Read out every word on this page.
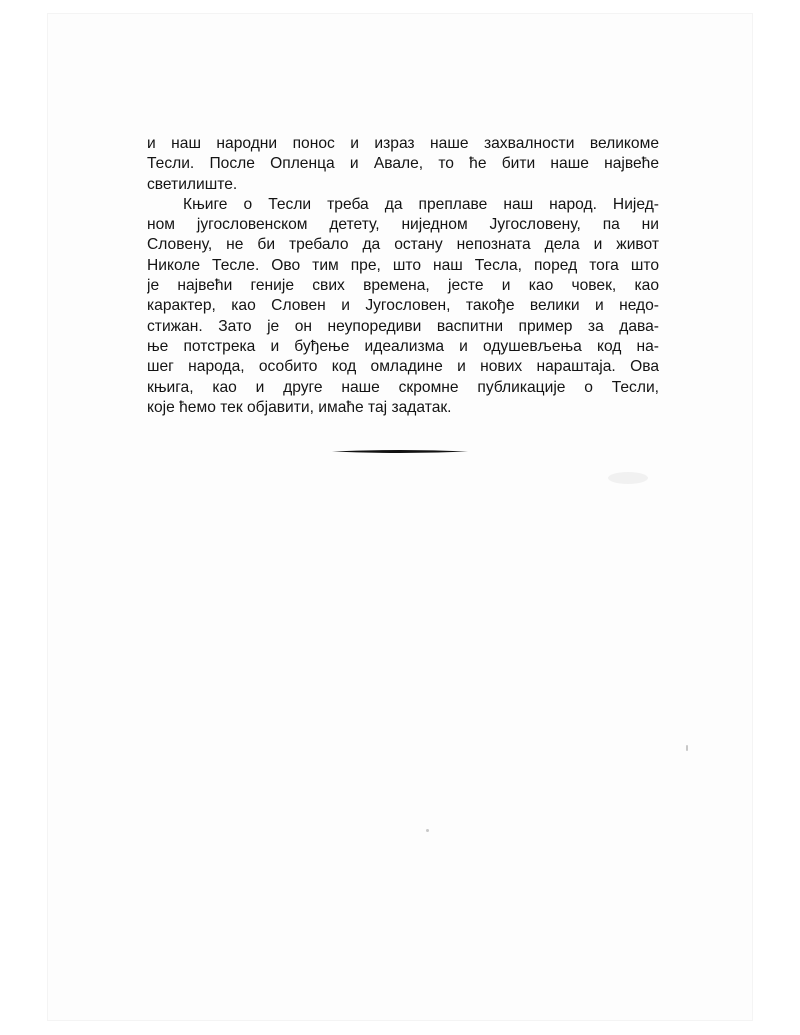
и наш народни понос и израз наше захвалности великоме
Тесли. После Опленца и Авале, то ће бити наше највеће
светилиште.
Књиге о Тесли треба да преплаве наш народ. Нијед-
ном југословенском детету, ниједном Југословену, па ни
Словену, не би требало да остану непозната дела и живот
Николе Тесле. Ово тим пре, што наш Тесла, поред тога што
је највећи геније свих времена, јесте и као човек, као
карактер, као Словен и Југословен, такође велики и недо-
стижан. Зато је он неупоредиви васпитни пример за дава-
ње потстрека и буђење идеализма и одушевљења код на-
шег народа, особито код омладине и нових нараштаја. Ова
књига, као и друге наше скромне публикације о Тесли,
које ћемо тек објавити, имаће тај задатак.
